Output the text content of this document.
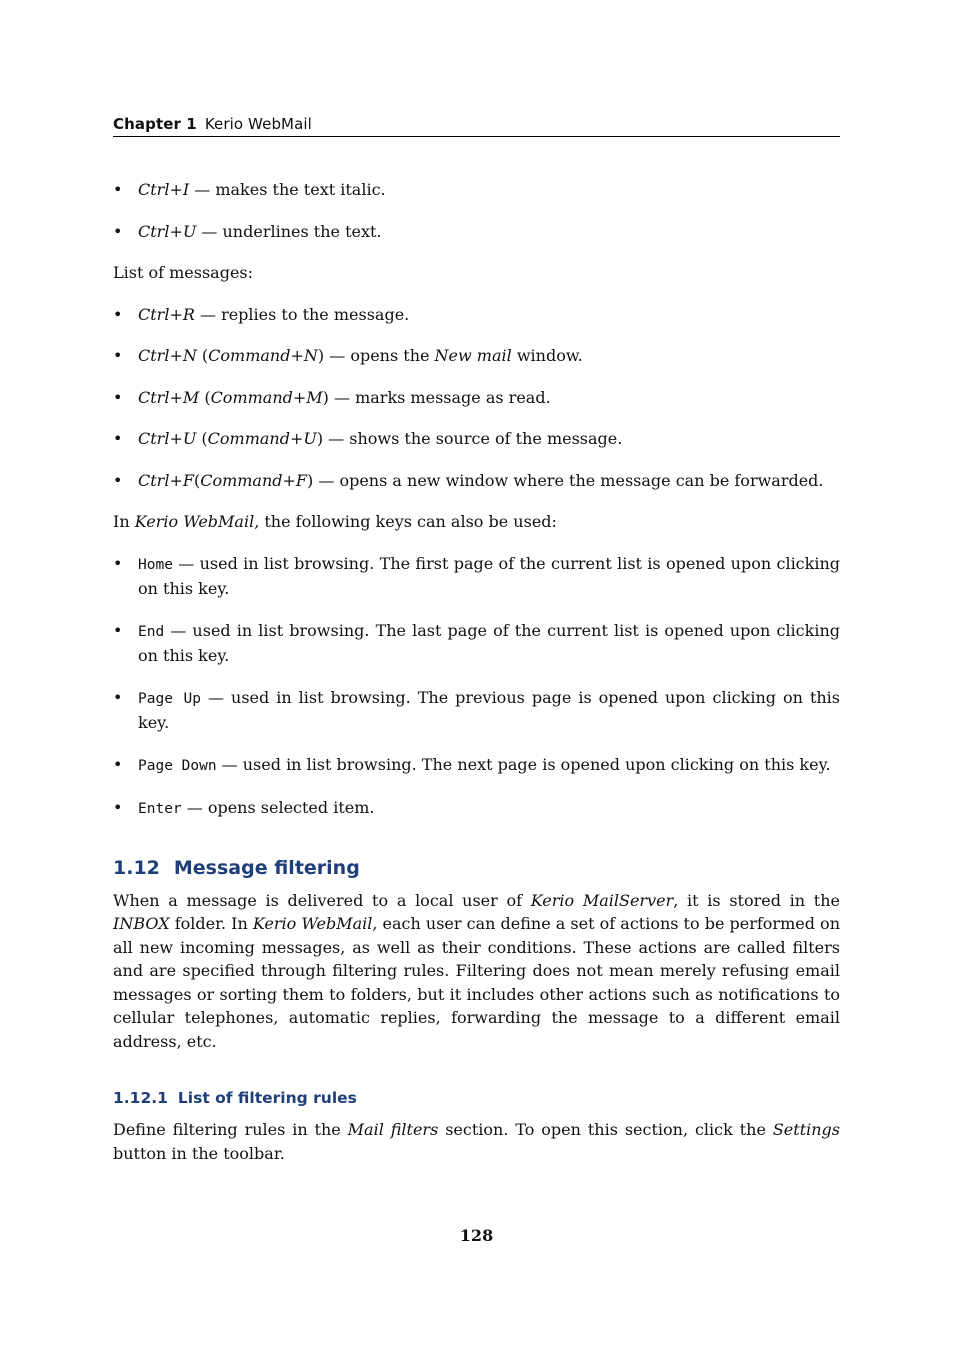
Chapter 1 Kerio WebMail
• Ctrl+I — makes the text italic.
• Ctrl+U — underlines the text.

List of messages:

• Ctrl+R — replies to the message.
• Ctrl+N (Command+N) — opens the New mail window.
• Ctrl+M (Command+M) — marks message as read.
• Ctrl+U (Command+U) — shows the source of the message.
• Ctrl+F(Command+F) — opens a new window where the message can be forwarded.

In Kerio WebMail, the following keys can also be used:

• Home — used in list browsing. The first page of the current list is opened upon clicking on this key.
• End — used in list browsing. The last page of the current list is opened upon clicking on this key.
• Page Up — used in list browsing. The previous page is opened upon clicking on this key.
• Page Down — used in list browsing. The next page is opened upon clicking on this key.
• Enter — opens selected item.
1.12 Message filtering

When a message is delivered to a local user of Kerio MailServer, it is stored in the INBOX folder. In Kerio WebMail, each user can define a set of actions to be performed on all new incoming messages, as well as their conditions. These actions are called filters and are specified through filtering rules. Filtering does not mean merely refusing email messages or sorting them to folders, but it includes other actions such as notifications to cellular telephones, automatic replies, forwarding the message to a different email address, etc.

1.12.1 List of filtering rules

Define filtering rules in the Mail filters section. To open this section, click the Settings button in the toolbar.

128
